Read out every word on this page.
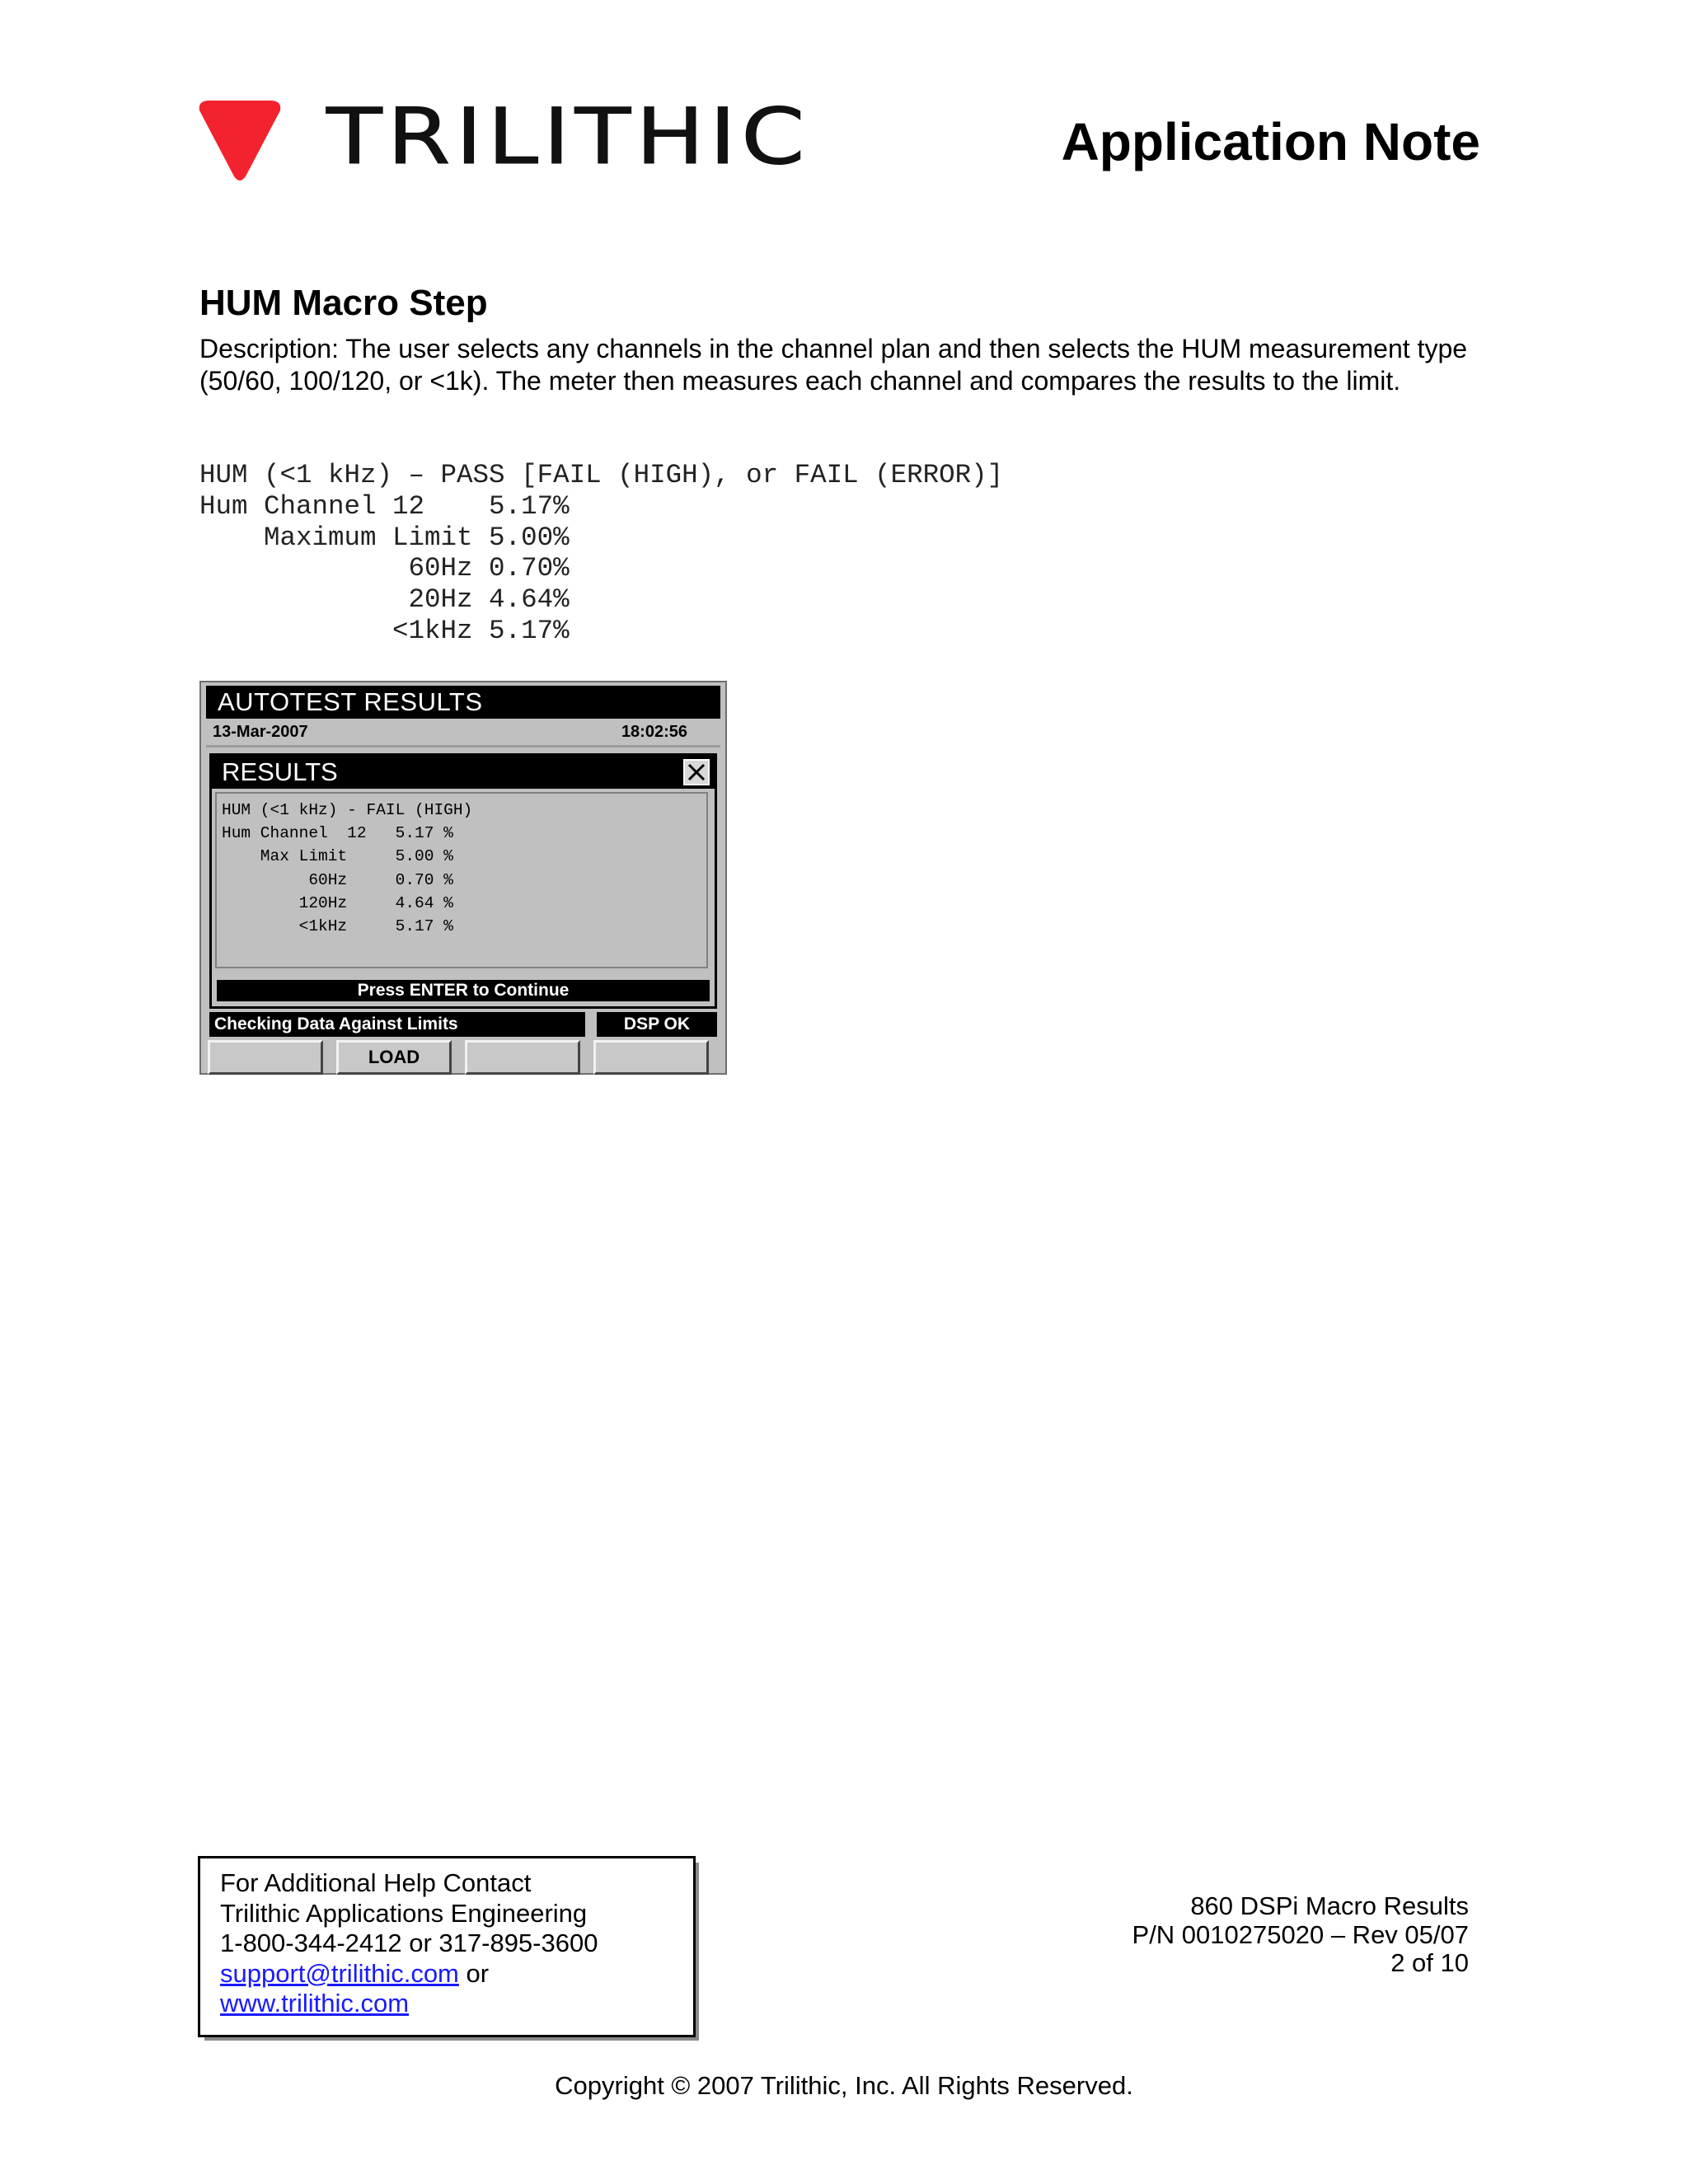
TRILITHIC	Application Note
HUM Macro Step
Description: The user selects any channels in the channel plan and then selects the HUM measurement type (50/60, 100/120, or <1k). The meter then measures each channel and compares the results to the limit.
HUM (<1 kHz) – PASS [FAIL (HIGH), or FAIL (ERROR)]
Hum Channel 12    5.17%
Maximum Limit 5.00%
60Hz 0.70%
20Hz 4.64%
<1kHz 5.17%
AUTOTEST RESULTS
13-Mar-2007	18:02:56
RESULTS
HUM (<1 kHz) - FAIL (HIGH)
Hum Channel  12   5.17 %
Max Limit     5.00 %
60Hz     0.70 %
120Hz     4.64 %
<1kHz     5.17 %
Press ENTER to Continue
Checking Data Against Limits	DSP OK
LOAD
For Additional Help Contact
Trilithic Applications Engineering
1-800-344-2412 or 317-895-3600
support@trilithic.com or
www.trilithic.com
860 DSPi Macro Results
P/N 0010275020 – Rev 05/07
2 of 10
Copyright © 2007 Trilithic, Inc. All Rights Reserved.
